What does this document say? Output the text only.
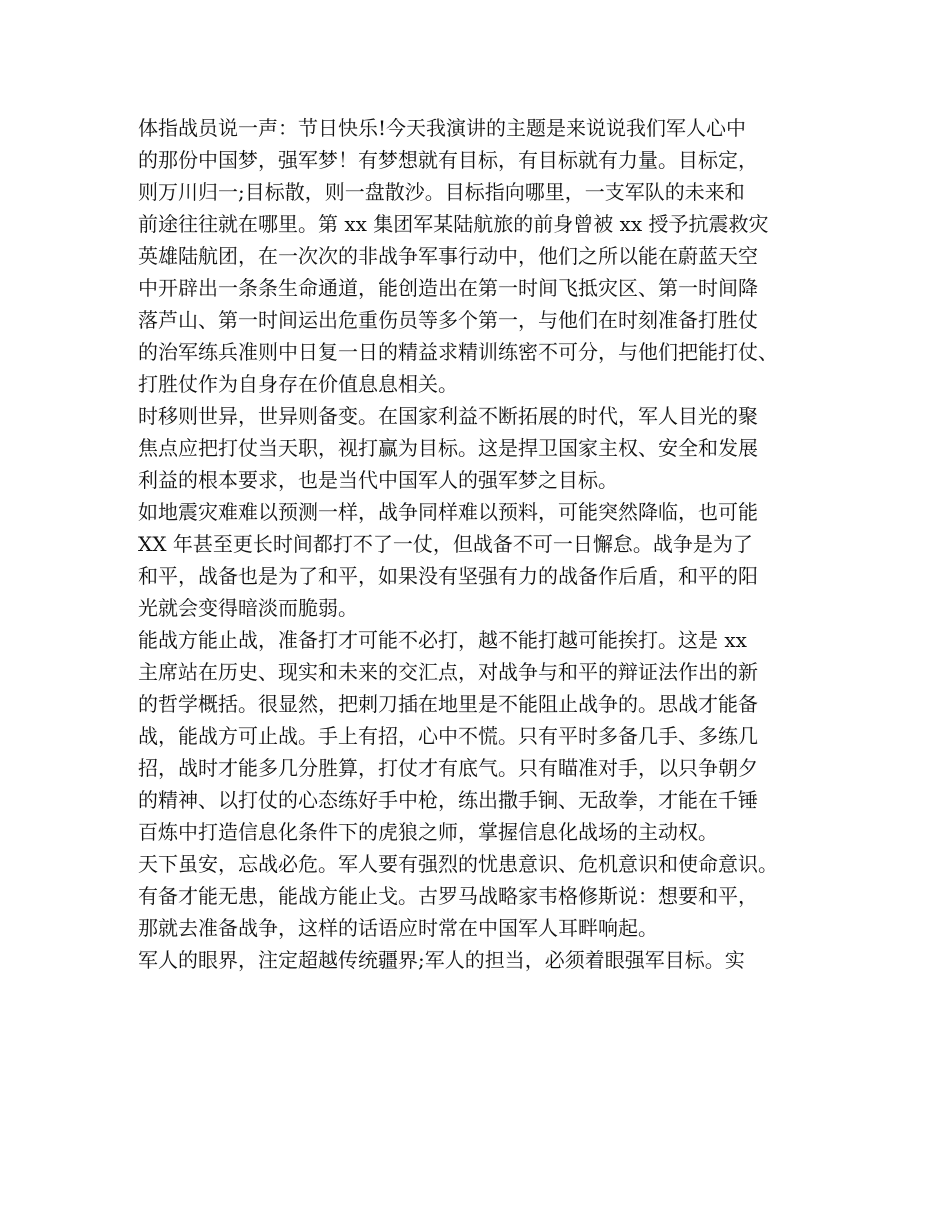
体指战员说一声：节日快乐!今天我演讲的主题是来说说我们军人心中
的那份中国梦，强军梦！有梦想就有目标，有目标就有力量。目标定，
则万川归一;目标散，则一盘散沙。目标指向哪里，一支军队的未来和
前途往往就在哪里。第 xx 集团军某陆航旅的前身曾被 xx 授予抗震救灾
英雄陆航团，在一次次的非战争军事行动中，他们之所以能在蔚蓝天空
中开辟出一条条生命通道，能创造出在第一时间飞抵灾区、第一时间降
落芦山、第一时间运出危重伤员等多个第一，与他们在时刻准备打胜仗
的治军练兵准则中日复一日的精益求精训练密不可分，与他们把能打仗、
打胜仗作为自身存在价值息息相关。
时移则世异，世异则备变。在国家利益不断拓展的时代，军人目光的聚
焦点应把打仗当天职，视打赢为目标。这是捍卫国家主权、安全和发展
利益的根本要求，也是当代中国军人的强军梦之目标。
如地震灾难难以预测一样，战争同样难以预料，可能突然降临，也可能
XX 年甚至更长时间都打不了一仗，但战备不可一日懈怠。战争是为了
和平，战备也是为了和平，如果没有坚强有力的战备作后盾，和平的阳
光就会变得暗淡而脆弱。
能战方能止战，准备打才可能不必打，越不能打越可能挨打。这是 xx
主席站在历史、现实和未来的交汇点，对战争与和平的辩证法作出的新
的哲学概括。很显然，把刺刀插在地里是不能阻止战争的。思战才能备
战，能战方可止战。手上有招，心中不慌。只有平时多备几手、多练几
招，战时才能多几分胜算，打仗才有底气。只有瞄准对手，以只争朝夕
的精神、以打仗的心态练好手中枪，练出撒手锏、无敌拳，才能在千锤
百炼中打造信息化条件下的虎狼之师，掌握信息化战场的主动权。
天下虽安，忘战必危。军人要有强烈的忧患意识、危机意识和使命意识。
有备才能无患，能战方能止戈。古罗马战略家韦格修斯说：想要和平，
那就去准备战争，这样的话语应时常在中国军人耳畔响起。
军人的眼界，注定超越传统疆界;军人的担当，必须着眼强军目标。实
